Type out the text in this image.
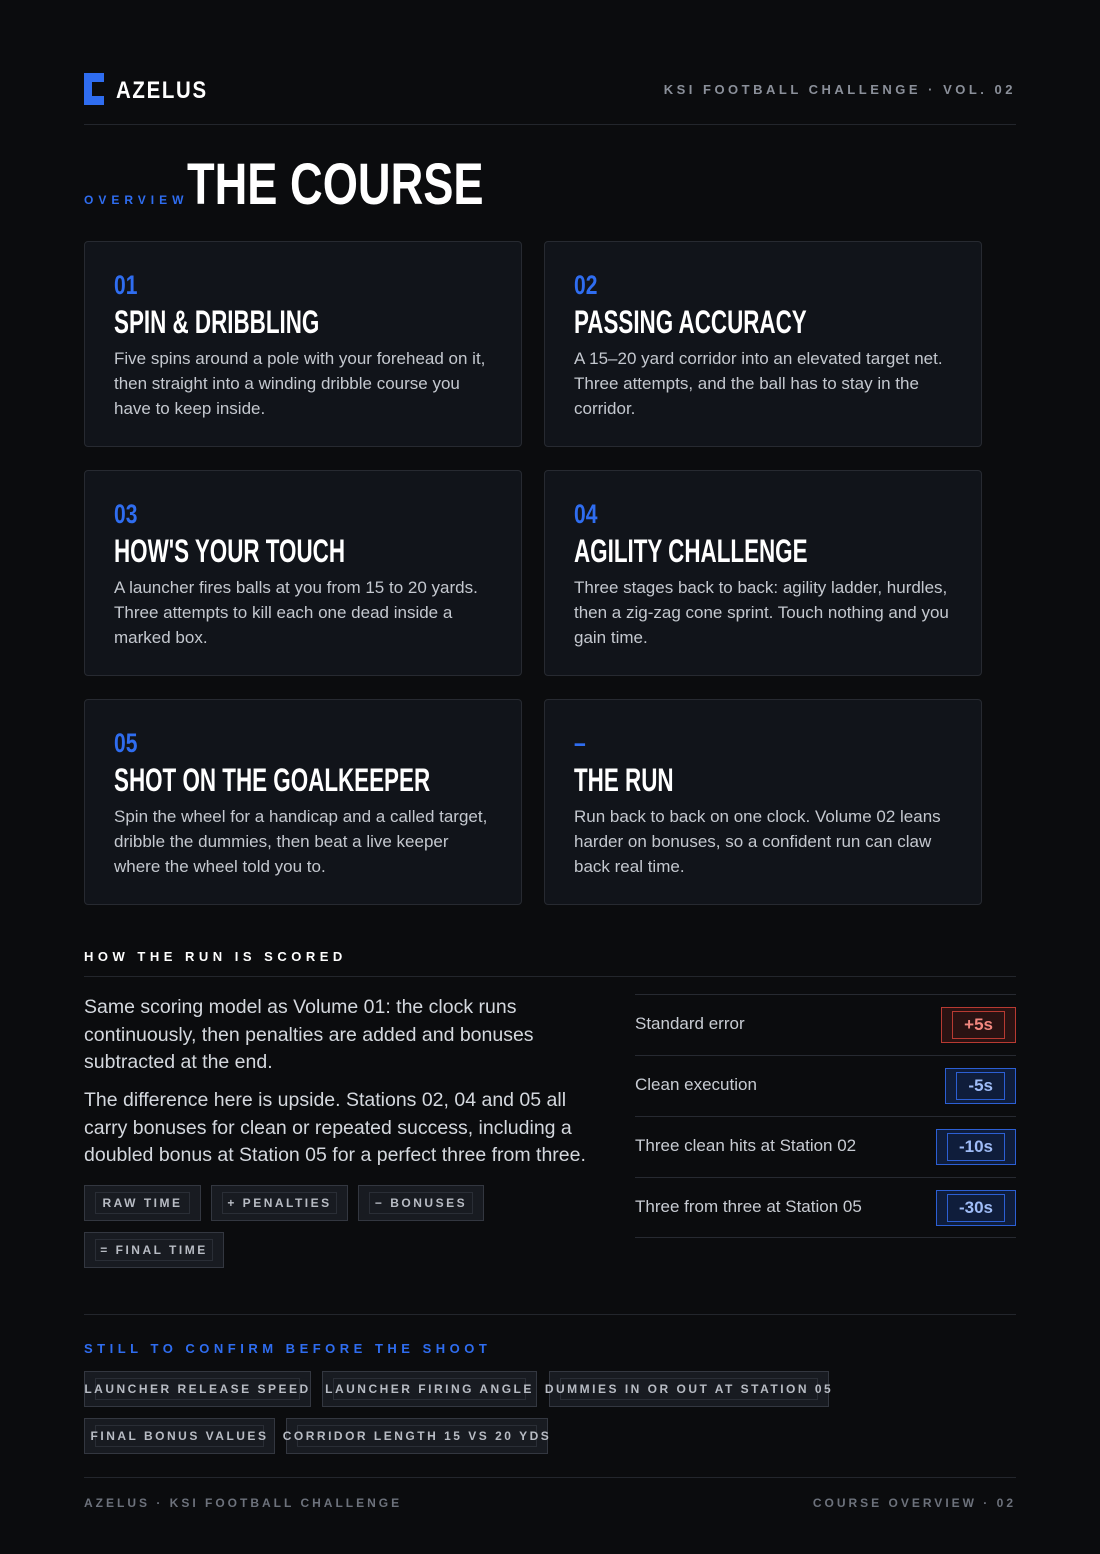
AZELUS	KSI FOOTBALL CHALLENGE · VOL. 02
OVERVIEW
THE COURSE
01
SPIN & DRIBBLING
Five spins around a pole with your forehead on it, then straight into a winding dribble course you have to keep inside.
02
PASSING ACCURACY
A 15–20 yard corridor into an elevated target net. Three attempts, and the ball has to stay in the corridor.
03
HOW'S YOUR TOUCH
A launcher fires balls at you from 15 to 20 yards. Three attempts to kill each one dead inside a marked box.
04
AGILITY CHALLENGE
Three stages back to back: agility ladder, hurdles, then a zig-zag cone sprint. Touch nothing and you gain time.
05
SHOT ON THE GOALKEEPER
Spin the wheel for a handicap and a called target, dribble the dummies, then beat a live keeper where the wheel told you to.
–
THE RUN
Run back to back on one clock. Volume 02 leans harder on bonuses, so a confident run can claw back real time.
HOW THE RUN IS SCORED
Same scoring model as Volume 01: the clock runs continuously, then penalties are added and bonuses subtracted at the end.
The difference here is upside. Stations 02, 04 and 05 all carry bonuses for clean or repeated success, including a doubled bonus at Station 05 for a perfect three from three.
RAW TIME	+ PENALTIES	− BONUSES
= FINAL TIME
Standard error	+5s
Clean execution	-5s
Three clean hits at Station 02	-10s
Three from three at Station 05	-30s
STILL TO CONFIRM BEFORE THE SHOOT
LAUNCHER RELEASE SPEED LAUNCHER FIRING ANGLE DUMMIES IN OR OUT AT STATION 05
FINAL BONUS VALUES CORRIDOR LENGTH 15 VS 20 YDS
AZELUS · KSI FOOTBALL CHALLENGE	COURSE OVERVIEW · 02
